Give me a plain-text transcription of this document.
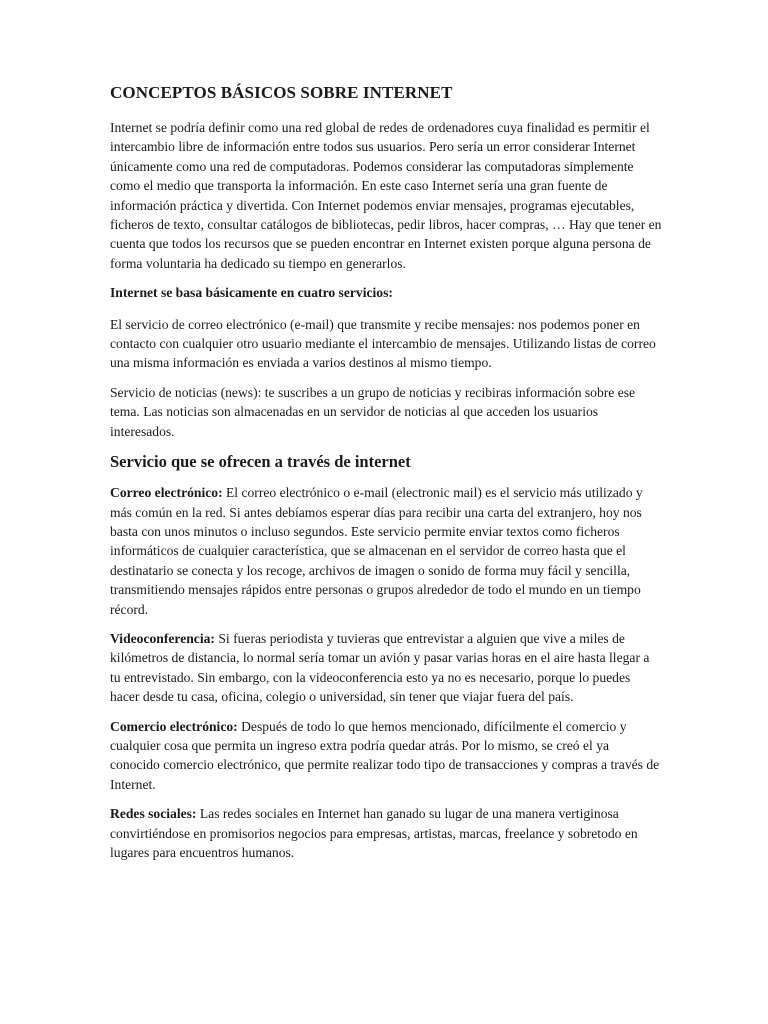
CONCEPTOS BÁSICOS SOBRE INTERNET

Internet se podría definir como una red global de redes de ordenadores cuya finalidad es permitir el intercambio libre de información entre todos sus usuarios. Pero sería un error considerar Internet únicamente como una red de computadoras. Podemos considerar las computadoras simplemente como el medio que transporta la información. En este caso Internet sería una gran fuente de información práctica y divertida. Con Internet podemos enviar mensajes, programas ejecutables, ficheros de texto, consultar catálogos de bibliotecas, pedir libros, hacer compras, … Hay que tener en cuenta que todos los recursos que se pueden encontrar en Internet existen porque alguna persona de forma voluntaria ha dedicado su tiempo en generarlos.

Internet se basa básicamente en cuatro servicios:

El servicio de correo electrónico (e-mail) que transmite y recibe mensajes: nos podemos poner en contacto con cualquier otro usuario mediante el intercambio de mensajes. Utilizando listas de correo una misma información es enviada a varios destinos al mismo tiempo.

Servicio de noticias (news): te suscribes a un grupo de noticias y recibiras información sobre ese tema. Las noticias son almacenadas en un servidor de noticias al que acceden los usuarios interesados.

Servicio que se ofrecen a través de internet

Correo electrónico: El correo electrónico o e-mail (electronic mail) es el servicio más utilizado y más común en la red. Si antes debíamos esperar días para recibir una carta del extranjero, hoy nos basta con unos minutos o incluso segundos. Este servicio permite enviar textos como ficheros informáticos de cualquier característica, que se almacenan en el servidor de correo hasta que el destinatario se conecta y los recoge, archivos de imagen o sonido de forma muy fácil y sencilla, transmitiendo mensajes rápidos entre personas o grupos alrededor de todo el mundo en un tiempo récord.

Videoconferencia: Si fueras periodista y tuvieras que entrevistar a alguien que vive a miles de kilómetros de distancia, lo normal sería tomar un avión y pasar varias horas en el aire hasta llegar a tu entrevistado. Sin embargo, con la videoconferencia esto ya no es necesario, porque lo puedes hacer desde tu casa, oficina, colegio o universidad, sin tener que viajar fuera del país.

Comercio electrónico: Después de todo lo que hemos mencionado, difícilmente el comercio y cualquier cosa que permita un ingreso extra podría quedar atrás. Por lo mismo, se creó el ya conocido comercio electrónico, que permite realizar todo tipo de transacciones y compras a través de Internet.

Redes sociales: Las redes sociales en Internet han ganado su lugar de una manera vertiginosa convirtiéndose en promisorios negocios para empresas, artistas, marcas, freelance y sobretodo en lugares para encuentros humanos.
